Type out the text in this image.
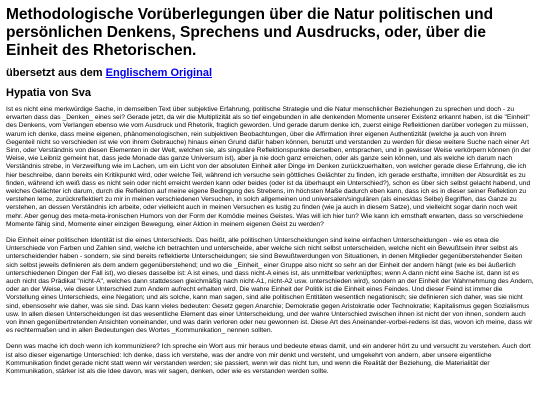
Methodologische Vorüberlegungen über die Natur politischen und persönlichen Denkens, Sprechens und Ausdrucks, oder, über die Einheit des Rhetorischen.
übersetzt aus dem Englischem Original
Hypatia von Sva

Ist es nicht eine merkwürdige Sache, in demselben Text über subjektive Erfahrung, politische Strategie und die Natur menschlicher Beziehungen zu sprechen und doch - zu erwarten dass das _Denken_ eines sei? Gerade jetzt, da wir die Multiplizität als so tief eingebunden in alle denkenden Momente unserer Existenz erkannt haben, ist die "Einheit" des Denkens, vom Verlangen ebenso wie vom Ausdruck und Rhetorik, fraglich geworden. Und gerade darum denke ich, zuerst einige Reflektionen darüber vorlegen zu müssen, warum ich denke, dass meine eigenen, phänomenologischen, rein subjektiven Beobachtungen, über die Affirmation ihrer eigenen Authentizität (welche ja auch von ihrem Gegenteil nicht so verschieden ist wie von ihrem Gebrauche) hinaus einen Grund dafür haben können, benutzt und verstanden zu werden für diese weitere Suche nach einer Art Sinn, oder Verständnis von diesen Elementen in der Welt, welchen sie, als singuläre Reflektionspunkte derselben, entsprachen, und in gewisser Weise verkörpern können (in der Weise, wie Leibniz gemeint hat, dass jede Monade das ganze Universum ist), aber ja nie doch ganz erreichen, oder als ganze sein können, und als welche ich darum nach Verständnis strebe, in Verzweiflung wie im Lachen, um ein Licht von der absoluten Einheit aller Dinge im Denken zurückzuerhalten, von welcher gerade diese Erfahrung, die ich hier beschreibe, dann bereits ein Kritikpunkt wird, oder welche Teil, während ich versuche sein göttliches Gelächter zu finden, ich gerade ersthafte, irnnilten der Absurdität es zu finden, während ich weiß dass es nicht sein oder nicht erreicht werden kann oder beides (oder ist da überhaupt ein Unterschied?), schon es über sich selbst gelacht habend, und welches Gelächter ich darum, durch die Reflektion auf meine eigene Bedingung des Strebens, im höchsten Maße dadurch eben kann, dass ich es in dieser seiner Reflektion zu verstehen lerne, zurückreflektiert zu mir in meinen verschiedenen Versuchen, in solch allgemeinen und universalen/singulären (als eines/das Selbe) Begriffen, das Ganze zu verstehen, an dessen Verständnis ich arbeite, oder vielleicht auch in meinen Versuchen es lustig zu finden (wie ja auch in diesem Satze), und vielleicht sogar darin noch weit mehr. Aber genug des meta-meta-ironischen Humors von der Form der Komödie meines Geistes. Was will ich hier tun? Wie kann ich ernsthaft erwarten, dass so verschiedene Momente fähig sind, Momente einer einzigen Bewegung, einer Aktion in meinem eigenen Geist zu werden?

Die Einheit einer politischen Identität ist die eines Unterschieds. Das heißt, alle politischen Unterscheidungen sind keine einfachen Unterscheidungen - wie es etwa die Unterschiede von Farben und Zahlen sind, welche ich betrachten und unterscheide, aber welche sich nicht selbst unterscheiden, welche nicht ein Bewußtsein ihrer selbst als unterscheidender haben - sondern, sie sind bereits reflektierte Unterscheidungen; sie sind Bewußtwerdungen von Situationen, in denen Mitglieder gegenüberstehender Seiten sich selbst jeweils definieren als dem andern gegenüberstehend; und wo die _Einheit_ einer Gruppe also nicht so sehr an der Einheit der andern hängt (wie es bei äußerlich unterschiedenen Dingen der Fall ist), wo dieses dasselbe ist: A ist eines, und dass nicht-A eines ist, als unmittelbar verknüpftes; wenn A dann nicht eine Sache ist, dann ist es auch nicht das Prädikat "nicht-A", welches dann stattdessen gleichmäßig nach nicht-A1, nicht-A2 usw. unterschieden wird), sondern an der Einheit der Wahrnehmung des Andern, oder an der Weise, wie dieser Unterschied zum Andern aufrecht erhalten wird. Die wahre Einheit der Politik ist die Einheit eines Feindes. Und dieser Feind ist immer die Vorstellung eines Unterschieds, eine Negation; und als solche, kann man sagen, sind alle politischen Entitäten wesentlich negationisch; sie definieren sich daher, was sie nicht sind, ebensosehr wie daher, was sie sind. Das kann vieles bedeuten: Gesetz gegen Anarchie; Demokratie gegen Aristokratie oder Technokratie; Kapitalismus gegen Sozialismus usw. In allen diesen Unterscheidungen ist das wesentliche Element das einer Unterscheidung, und der wahre Unterschied zwischen ihnen ist nicht der von ihnen, sondern auch von ihnen gegenübertretenden Ansichten voneinander, und was darin verloren oder neu gewonnen ist. Diese Art des Aneinander-vorbei-redens ist das, wovon ich meine, dass wir es rechtermaßen und in allen Bedeutungen des Wortes _Kommunikation_ nennen sollten.

Denn was mache ich doch wenn ich kommuniziere? Ich spreche ein Wort aus mir heraus und bedeute etwas damit, und ein anderer hört zu und versucht zu verstehen. Auch dort ist also dieser eigenartige Unterschied: Ich denke, dass ich verstehe, was der andre von mir denkt und versteht, und umgekehrt von andern, aber unsere eigentliche Kommunikation findet gerade nicht statt wenn wir verstanden werden; sie passiert, wenn wir das nicht tun, und wenn die Realität der Beziehung, die Materialität der Kommunikation, stärker ist als die Idee davon, was wir sagen, denken, oder wie es verstanden werden sollte.
